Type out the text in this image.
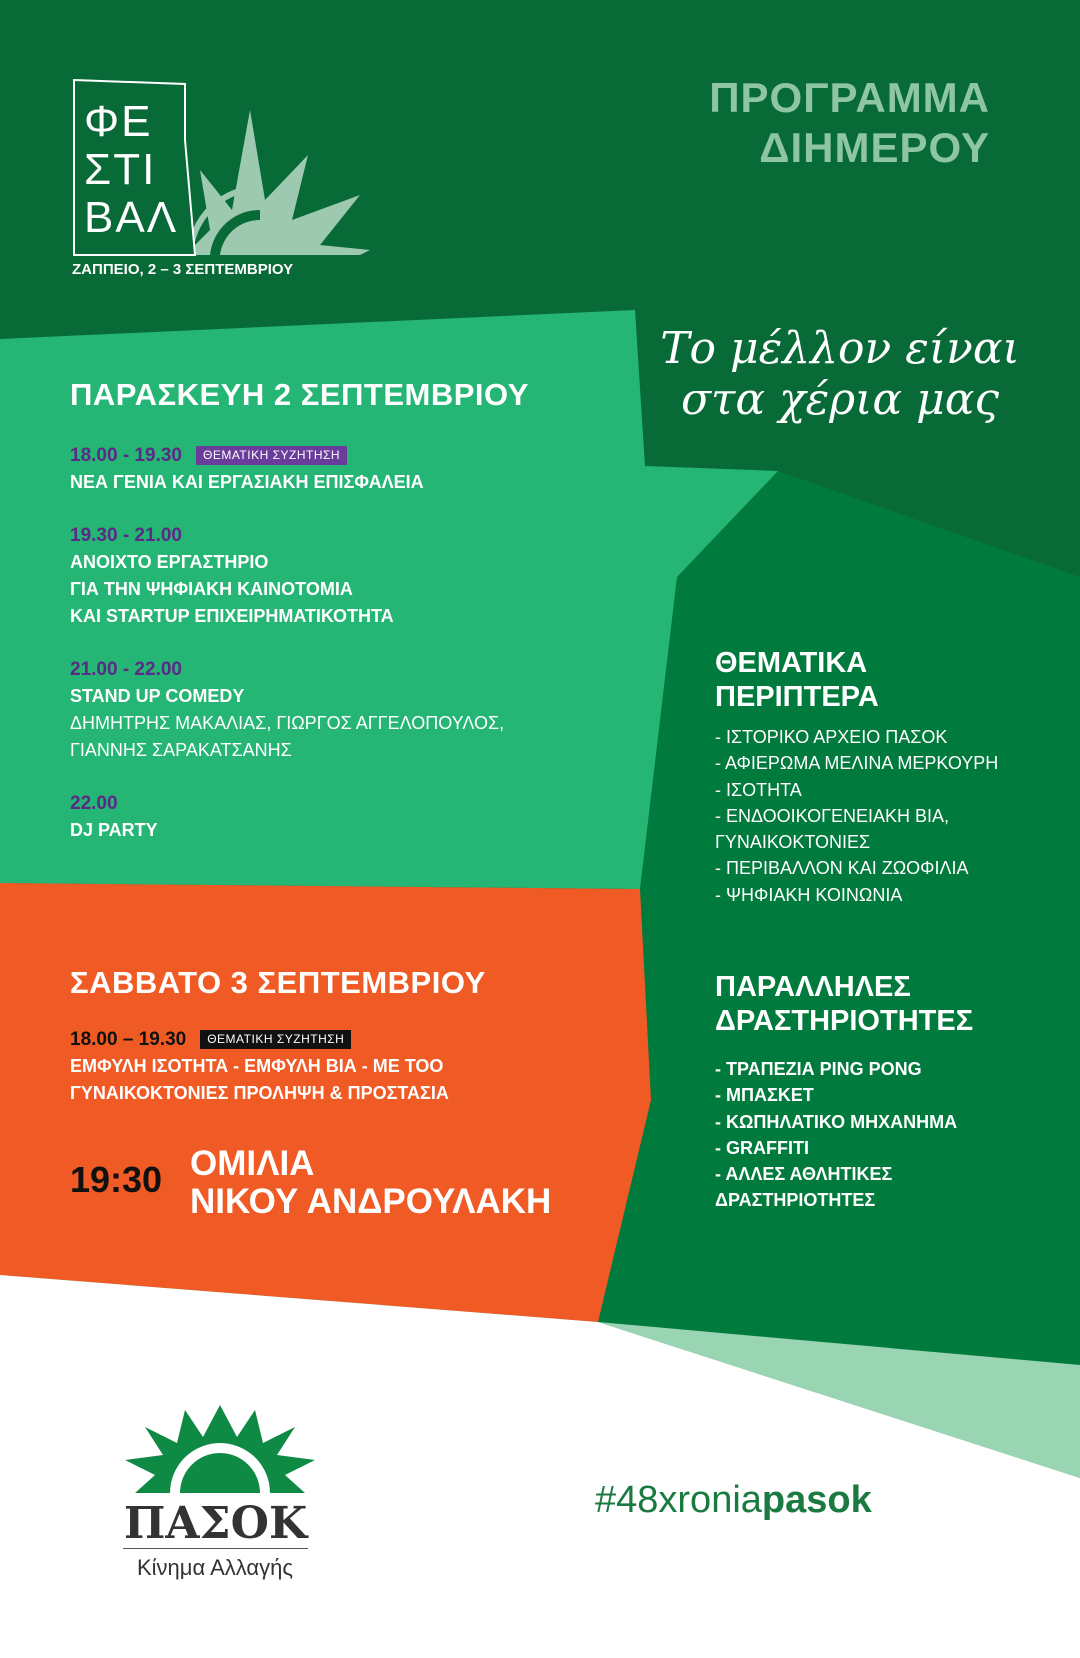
ΦΕ
ΣΤΙ
ΒΑΛ
ΖΑΠΠΕΙΟ, 2 – 3 ΣΕΠΤΕΜΒΡΙΟΥ
ΠΡΟΓΡΑΜΜΑ
ΔΙΗΜΕΡΟΥ
Το μέλλον είναι
στα χέρια μας
ΠΑΡΑΣΚΕΥΗ 2 ΣΕΠΤΕΜΒΡΙΟΥ
18.00 - 19.30 ΘΕΜΑΤΙΚΗ ΣΥΖΗΤΗΣΗ
ΝΕΑ ΓΕΝΙΑ ΚΑΙ ΕΡΓΑΣΙΑΚΗ ΕΠΙΣΦΑΛΕΙΑ
19.30 - 21.00
ΑΝΟΙΧΤΟ ΕΡΓΑΣΤΗΡΙΟ
ΓΙΑ ΤΗΝ ΨΗΦΙΑΚΗ ΚΑΙΝΟΤΟΜΙΑ
ΚΑΙ STARTUP ΕΠΙΧΕΙΡΗΜΑΤΙΚΟΤΗΤΑ
21.00 - 22.00
STAND UP COMEDY
ΔΗΜΗΤΡΗΣ ΜΑΚΑΛΙΑΣ, ΓΙΩΡΓΟΣ ΑΓΓΕΛΟΠΟΥΛΟΣ,
ΓΙΑΝΝΗΣ ΣΑΡΑΚΑΤΣΑΝΗΣ
22.00
DJ PARTY
ΘΕΜΑΤΙΚΑ
ΠΕΡΙΠΤΕΡΑ
- ΙΣΤΟΡΙΚΟ ΑΡΧΕΙΟ ΠΑΣΟΚ
- ΑΦΙΕΡΩΜΑ ΜΕΛΙΝΑ ΜΕΡΚΟΥΡΗ
- ΙΣΟΤΗΤΑ
- ΕΝΔΟΟΙΚΟΓΕΝΕΙΑΚΗ ΒΙΑ,
ΓΥΝΑΙΚΟΚΤΟΝΙΕΣ
- ΠΕΡΙΒΑΛΛΟΝ ΚΑΙ ΖΩΟΦΙΛΙΑ
- ΨΗΦΙΑΚΗ ΚΟΙΝΩΝΙΑ
ΣΑΒΒΑΤΟ 3 ΣΕΠΤΕΜΒΡΙΟΥ
18.00 – 19.30 ΘΕΜΑΤΙΚΗ ΣΥΖΗΤΗΣΗ
ΕΜΦΥΛΗ ΙΣΟΤΗΤΑ - ΕΜΦΥΛΗ ΒΙΑ - ΜΕ ΤΟΟ
ΓΥΝΑΙΚΟΚΤΟΝΙΕΣ ΠΡΟΛΗΨΗ & ΠΡΟΣΤΑΣΙΑ
19:30 ΟΜΙΛΙΑ
ΝΙΚΟΥ ΑΝΔΡΟΥΛΑΚΗ
ΠΑΡΑΛΛΗΛΕΣ
ΔΡΑΣΤΗΡΙΟΤΗΤΕΣ
- ΤΡΑΠΕΖΙΑ PING PONG
- ΜΠΑΣΚΕΤ
- ΚΩΠΗΛΑΤΙΚΟ ΜΗΧΑΝΗΜΑ
- GRAFFITI
- ΑΛΛΕΣ ΑΘΛΗΤΙΚΕΣ
ΔΡΑΣΤΗΡΙΟΤΗΤΕΣ
ΠΑΣΟΚ
Κίνημα Αλλαγής
#48xroniapasok
